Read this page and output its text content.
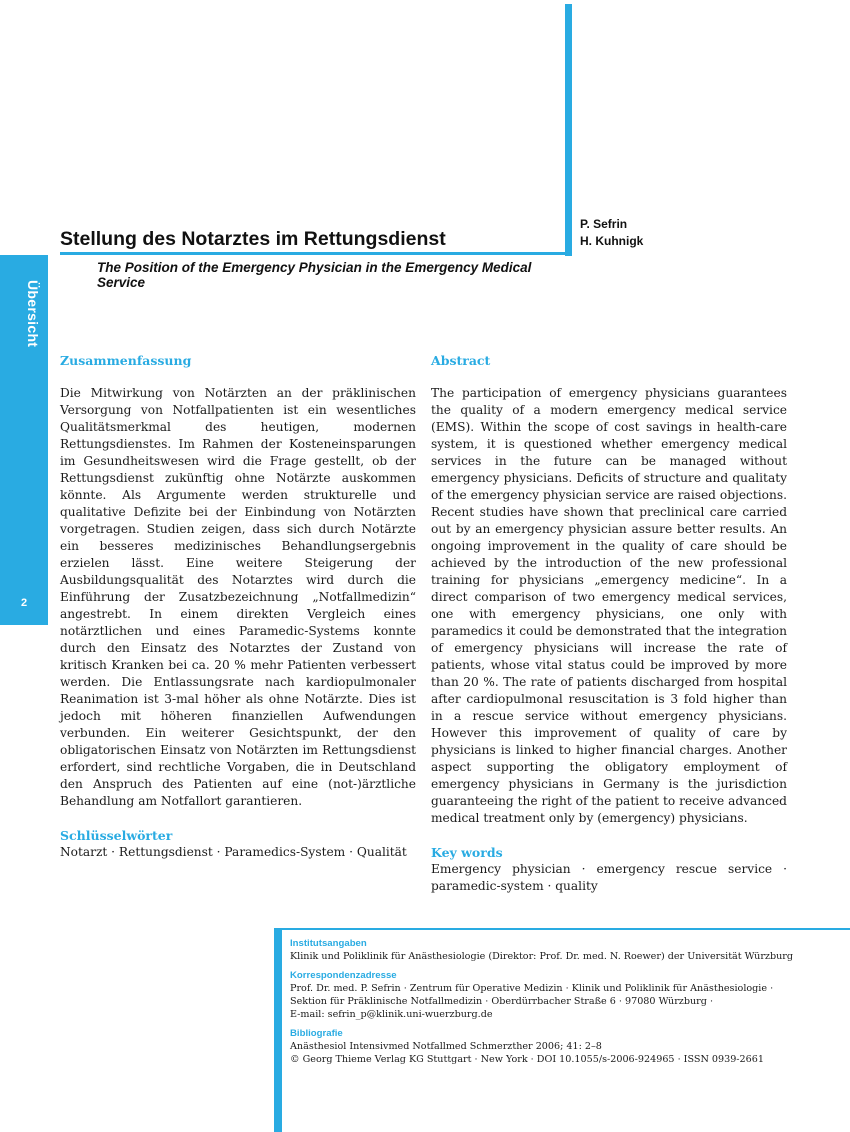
Übersicht
2
Stellung des Notarztes im Rettungsdienst
P. Sefrin
H. Kuhnigk
The Position of the Emergency Physician in the Emergency Medical Service
Zusammenfassung

Die Mitwirkung von Notärzten an der präklinischen Versorgung von Notfallpatienten ist ein wesentliches Qualitätsmerkmal des heutigen, modernen Rettungsdienstes. Im Rahmen der Kosteneinsparungen im Gesundheitswesen wird die Frage gestellt, ob der Rettungsdienst zukünftig ohne Notärzte auskommen könnte. Als Argumente werden strukturelle und qualitative Defizite bei der Einbindung von Notärzten vorgetragen. Studien zeigen, dass sich durch Notärzte ein besseres medizinisches Behandlungsergebnis erzielen lässt. Eine weitere Steigerung der Ausbildungsqualität des Notarztes wird durch die Einführung der Zusatzbezeichnung „Notfallmedizin“ angestrebt. In einem direkten Vergleich eines notärztlichen und eines Paramedic-Systems konnte durch den Einsatz des Notarztes der Zustand von kritisch Kranken bei ca. 20 % mehr Patienten verbessert werden. Die Entlassungsrate nach kardiopulmonaler Reanimation ist 3-mal höher als ohne Notärzte. Dies ist jedoch mit höheren finanziellen Aufwendungen verbunden. Ein weiterer Gesichtspunkt, der den obligatorischen Einsatz von Notärzten im Rettungsdienst erfordert, sind rechtliche Vorgaben, die in Deutschland den Anspruch des Patienten auf eine (not-)ärztliche Behandlung am Notfallort garantieren.

Schlüsselwörter

Notarzt · Rettungsdienst · Paramedics-System · Qualität

Abstract

The participation of emergency physicians guarantees the quality of a modern emergency medical service (EMS). Within the scope of cost savings in health-care system, it is questioned whether emergency medical services in the future can be managed without emergency physicians. Deficits of structure and qualitaty of the emergency physician service are raised objections. Recent studies have shown that preclinical care carried out by an emergency physician assure better results. An ongoing improvement in the quality of care should be achieved by the introduction of the new professional training for physicians „emergency medicine“. In a direct comparison of two emergency medical services, one with emergency physicians, one only with paramedics it could be demonstrated that the integration of emergency physicians will increase the rate of patients, whose vital status could be improved by more than 20 %. The rate of patients discharged from hospital after cardiopulmonal resuscitation is 3 fold higher than in a rescue service without emergency physicians. However this improvement of quality of care by physicians is linked to higher financial charges. Another aspect supporting the obligatory employment of emergency physicians in Germany is the jurisdiction guaranteeing the right of the patient to receive advanced medical treatment only by (emergency) physicians.

Key words

Emergency physician · emergency rescue service · paramedic-system · quality

Institutsangaben

Klinik und Poliklinik für Anästhesiologie (Direktor: Prof. Dr. med. N. Roewer) der Universität Würzburg

Korrespondenzadresse

Prof. Dr. med. P. Sefrin · Zentrum für Operative Medizin · Klinik und Poliklinik für Anästhesiologie ·

Sektion für Präklinische Notfallmedizin · Oberdürrbacher Straße 6 · 97080 Würzburg ·

E-mail: sefrin_p@klinik.uni-wuerzburg.de

Bibliografie

Anästhesiol Intensivmed Notfallmed Schmerzther 2006; 41: 2–8

© Georg Thieme Verlag KG Stuttgart · New York · DOI 10.1055/s-2006-924965 · ISSN 0939-2661
